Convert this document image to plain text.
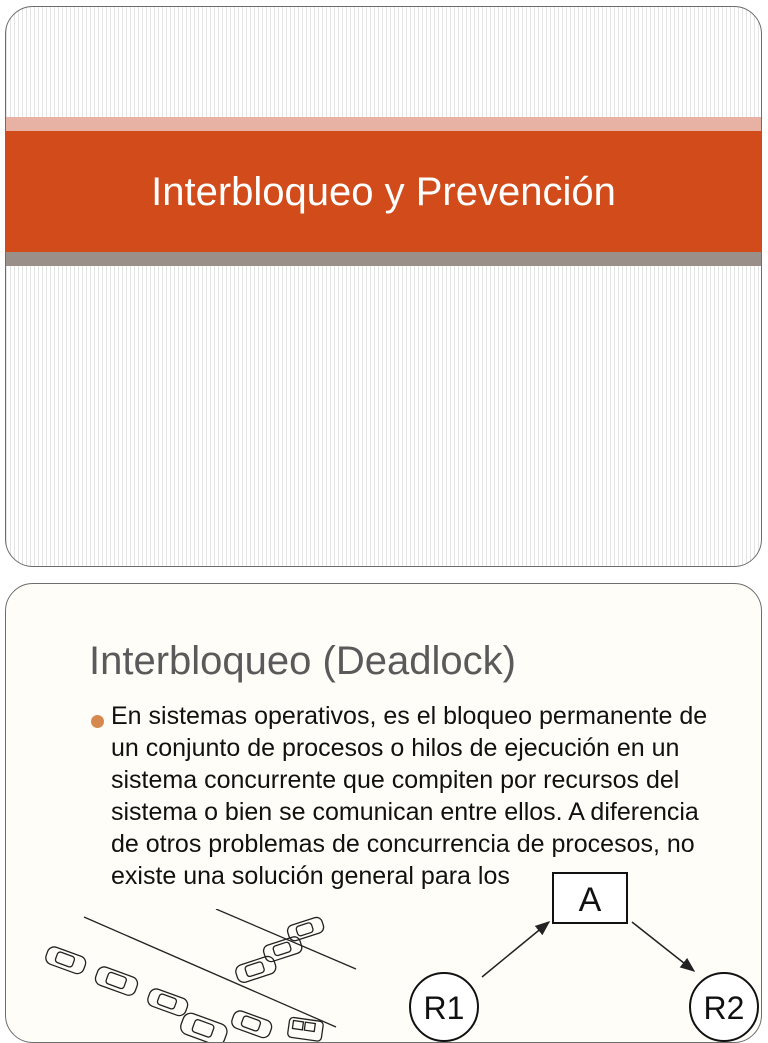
Interbloqueo y Prevención
Interbloqueo (Deadlock)
En sistemas operativos, es el bloqueo permanente de un conjunto de procesos o hilos de ejecución en un sistema concurrente que compiten por recursos del sistema o bien se comunican entre ellos. A diferencia de otros problemas de concurrencia de procesos, no existe una solución general para los
A
R1	R2
